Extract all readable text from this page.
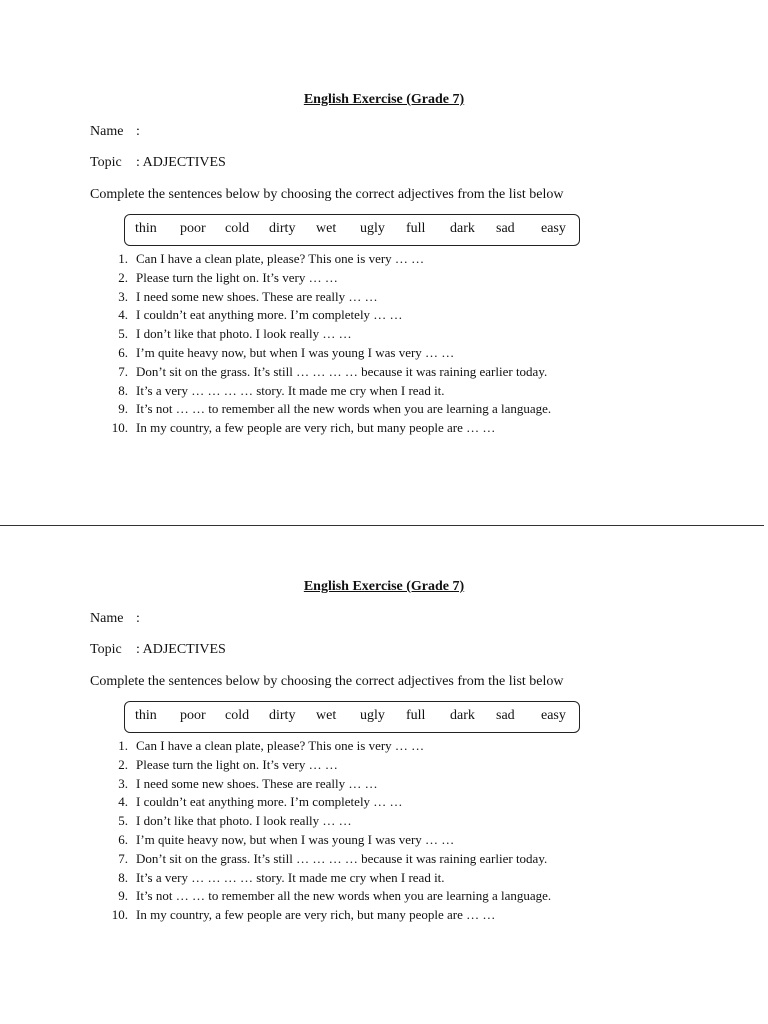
English Exercise (Grade 7)
Name :
Topic : ADJECTIVES
Complete the sentences below by choosing the correct adjectives from the list below
thin poor cold dirty wet ugly full dark sad easy
1. Can I have a clean plate, please? This one is very … …
2. Please turn the light on. It’s very … …
3. I need some new shoes. These are really … …
4. I couldn’t eat anything more. I’m completely … …
5. I don’t like that photo. I look really … …
6. I’m quite heavy now, but when I was young I was very … …
7. Don’t sit on the grass. It’s still … … … … because it was raining earlier today.
8. It’s a very … … … … story. It made me cry when I read it.
9. It’s not … … to remember all the new words when you are learning a language.
10. In my country, a few people are very rich, but many people are … …
English Exercise (Grade 7)
Name :
Topic : ADJECTIVES
Complete the sentences below by choosing the correct adjectives from the list below
thin poor cold dirty wet ugly full dark sad easy
1. Can I have a clean plate, please? This one is very … …
2. Please turn the light on. It’s very … …
3. I need some new shoes. These are really … …
4. I couldn’t eat anything more. I’m completely … …
5. I don’t like that photo. I look really … …
6. I’m quite heavy now, but when I was young I was very … …
7. Don’t sit on the grass. It’s still … … … … because it was raining earlier today.
8. It’s a very … … … … story. It made me cry when I read it.
9. It’s not … … to remember all the new words when you are learning a language.
10. In my country, a few people are very rich, but many people are … …
